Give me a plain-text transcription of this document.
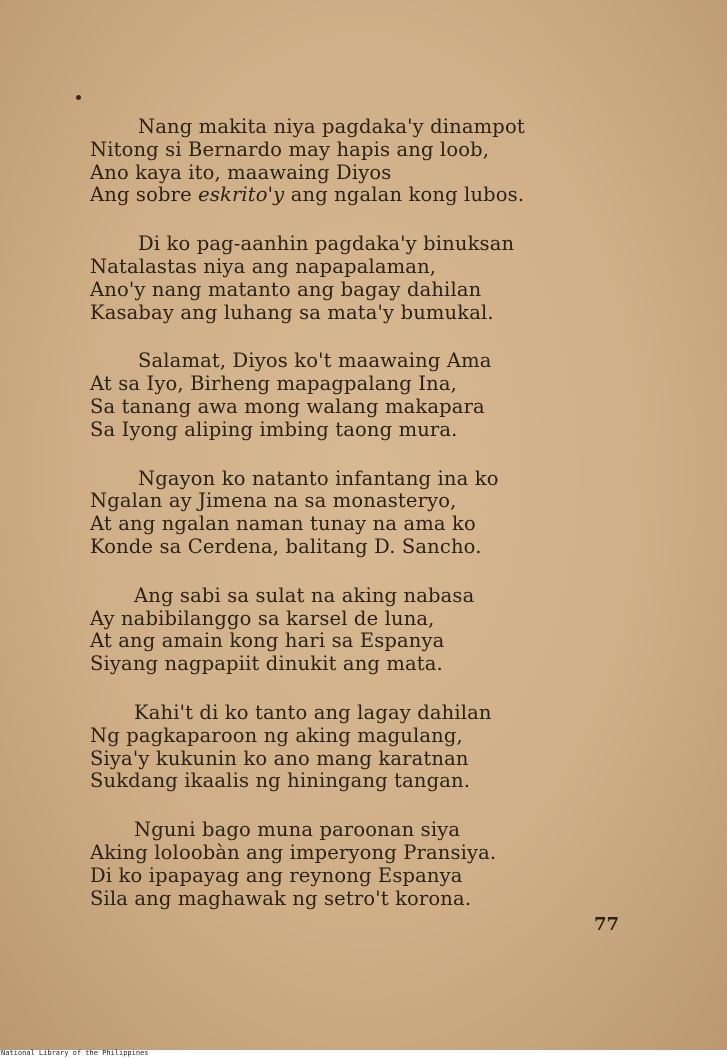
Nang makita niya pagdaka'y dinampot
Nitong si Bernardo may hapis ang loob,
Ano kaya ito, maawaing Diyos
Ang sobre eskrito'y ang ngalan kong lubos.
Di ko pag-aanhin pagdaka'y binuksan
Natalastas niya ang napapalaman,
Ano'y nang matanto ang bagay dahilan
Kasabay ang luhang sa mata'y bumukal.
Salamat, Diyos ko't maawaing Ama
At sa Iyo, Birheng mapagpalang Ina,
Sa tanang awa mong walang makapara
Sa Iyong aliping imbing taong mura.
Ngayon ko natanto infantang ina ko
Ngalan ay Jimena na sa monasteryo,
At ang ngalan naman tunay na ama ko
Konde sa Cerdena, balitang D. Sancho.
Ang sabi sa sulat na aking nabasa
Ay nabibilanggo sa karsel de luna,
At ang amain kong hari sa Espanya
Siyang nagpapiit dinukit ang mata.
Kahi't di ko tanto ang lagay dahilan
Ng pagkaparoon ng aking magulang,
Siya'y kukunin ko ano mang karatnan
Sukdang ikaalis ng hiningang tangan.
Nguni bago muna paroonan siya
Aking loloobàn ang imperyong Pransiya.
Di ko ipapayag ang reynong Espanya
Sila ang maghawak ng setro't korona.
77
National Library of the Philippines
